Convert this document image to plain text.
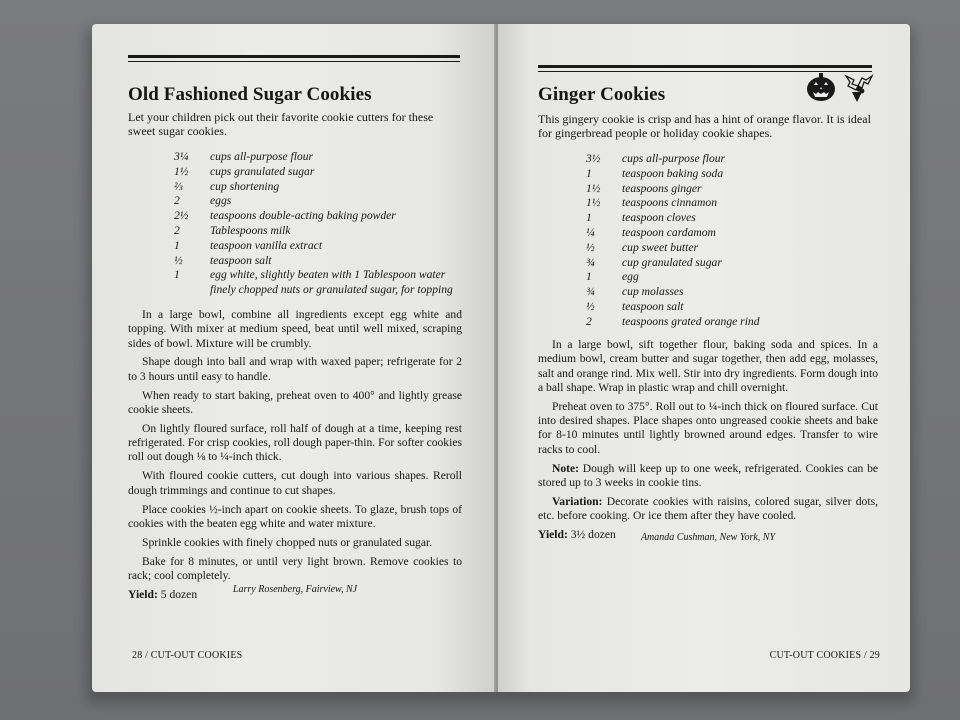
Old Fashioned Sugar Cookies
Let your children pick out their favorite cookie cutters for these sweet sugar cookies.
3¼	cups all-purpose flour
1½	cups granulated sugar
⅔	cup shortening
2	eggs
2½	teaspoons double-acting baking powder
2	Tablespoons milk
1	teaspoon vanilla extract
½	teaspoon salt
1	egg white, slightly beaten with 1 Tablespoon water
finely chopped nuts or granulated sugar, for topping

In a large bowl, combine all ingredients except egg white and topping. With mixer at medium speed, beat until well mixed, scraping sides of bowl. Mixture will be crumbly.

Shape dough into ball and wrap with waxed paper; refrigerate for 2 to 3 hours until easy to handle.

When ready to start baking, preheat oven to 400° and lightly grease cookie sheets.

On lightly floured surface, roll half of dough at a time, keeping rest refrigerated. For crisp cookies, roll dough paper-thin. For softer cookies roll out dough ⅛ to ¼-inch thick.

With floured cookie cutters, cut dough into various shapes. Reroll dough trimmings and continue to cut shapes.

Place cookies ½-inch apart on cookie sheets. To glaze, brush tops of cookies with the beaten egg white and water mixture.

Sprinkle cookies with finely chopped nuts or granulated sugar.

Bake for 8 minutes, or until very light brown. Remove cookies to rack; cool completely.

Yield: 5 dozen	Larry Rosenberg, Fairview, NJ
28 / CUT-OUT COOKIES
Ginger Cookies
This gingery cookie is crisp and has a hint of orange flavor. It is ideal for gingerbread people or holiday cookie shapes.
3½	cups all-purpose flour
1	teaspoon baking soda
1½	teaspoons ginger
1½	teaspoons cinnamon
1	teaspoon cloves
¼	teaspoon cardamom
½	cup sweet butter
¾	cup granulated sugar
1	egg
¾	cup molasses
½	teaspoon salt
2	teaspoons grated orange rind

In a large bowl, sift together flour, baking soda and spices. In a medium bowl, cream butter and sugar together, then add egg, molasses, salt and orange rind. Mix well. Stir into dry ingredients. Form dough into a ball shape. Wrap in plastic wrap and chill overnight.

Preheat oven to 375°. Roll out to ¼-inch thick on floured surface. Cut into desired shapes. Place shapes onto ungreased cookie sheets and bake for 8-10 minutes until lightly browned around edges. Transfer to wire racks to cool.

Note: Dough will keep up to one week, refrigerated. Cookies can be stored up to 3 weeks in cookie tins.

Variation: Decorate cookies with raisins, colored sugar, silver dots, etc. before cooking. Or ice them after they have cooled.

Yield: 3½ dozen	Amanda Cushman, New York, NY
CUT-OUT COOKIES / 29
